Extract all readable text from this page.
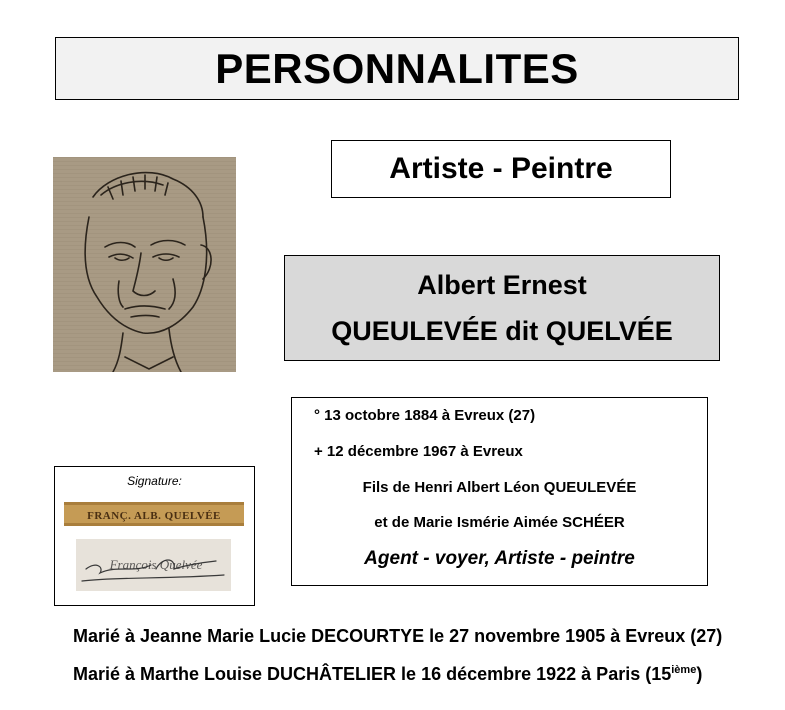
PERSONNALITES
Artiste - Peintre
Albert Ernest
QUEULEVÉE dit QUELVÉE
° 13 octobre 1884 à Evreux (27)
+ 12 décembre 1967 à Evreux
Fils de Henri Albert Léon QUEULEVÉE
et de Marie Ismérie Aimée SCHÉER
Agent - voyer, Artiste - peintre
Signature:
FRANÇ. ALB. QUELVÉE
François Quelvée
Marié à Jeanne Marie Lucie DECOURTYE le 27 novembre 1905 à Evreux (27)
Marié à Marthe Louise DUCHÂTELIER le 16 décembre 1922 à Paris (15ième)
